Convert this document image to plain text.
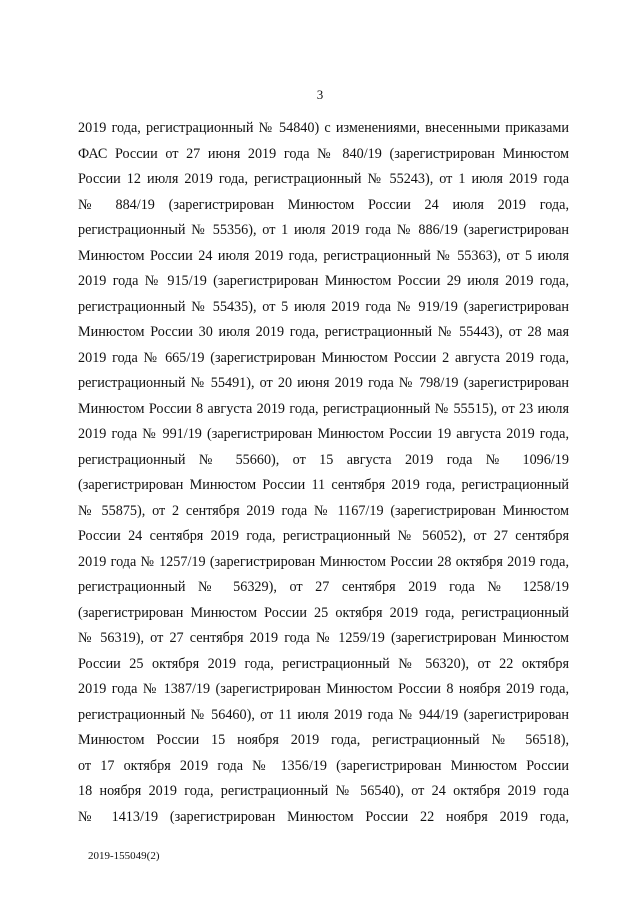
3
2019 года, регистрационный № 54840) с изменениями, внесенными приказами
ФАС России от 27 июня 2019 года № 840/19 (зарегистрирован Минюстом
России 12 июля 2019 года, регистрационный № 55243), от 1 июля 2019 года
№ 884/19 (зарегистрирован Минюстом России 24 июля 2019 года,
регистрационный № 55356), от 1 июля 2019 года № 886/19 (зарегистрирован
Минюстом России 24 июля 2019 года, регистрационный № 55363), от 5 июля
2019 года № 915/19 (зарегистрирован Минюстом России 29 июля 2019 года,
регистрационный № 55435), от 5 июля 2019 года № 919/19 (зарегистрирован
Минюстом России 30 июля 2019 года, регистрационный № 55443), от 28 мая
2019 года № 665/19 (зарегистрирован Минюстом России 2 августа 2019 года,
регистрационный № 55491), от 20 июня 2019 года № 798/19 (зарегистрирован
Минюстом России 8 августа 2019 года, регистрационный № 55515), от 23 июля
2019 года № 991/19 (зарегистрирован Минюстом России 19 августа 2019 года,
регистрационный № 55660), от 15 августа 2019 года № 1096/19
(зарегистрирован Минюстом России 11 сентября 2019 года, регистрационный
№ 55875), от 2 сентября 2019 года № 1167/19 (зарегистрирован Минюстом
России 24 сентября 2019 года, регистрационный № 56052), от 27 сентября
2019 года № 1257/19 (зарегистрирован Минюстом России 28 октября 2019 года,
регистрационный № 56329), от 27 сентября 2019 года № 1258/19
(зарегистрирован Минюстом России 25 октября 2019 года, регистрационный
№ 56319), от 27 сентября 2019 года № 1259/19 (зарегистрирован Минюстом
России 25 октября 2019 года, регистрационный № 56320), от 22 октября
2019 года № 1387/19 (зарегистрирован Минюстом России 8 ноября 2019 года,
регистрационный № 56460), от 11 июля 2019 года № 944/19 (зарегистрирован
Минюстом России 15 ноября 2019 года, регистрационный № 56518),
от 17 октября 2019 года № 1356/19 (зарегистрирован Минюстом России
18 ноября 2019 года, регистрационный № 56540), от 24 октября 2019 года
№ 1413/19 (зарегистрирован Минюстом России 22 ноября 2019 года,
2019-155049(2)
